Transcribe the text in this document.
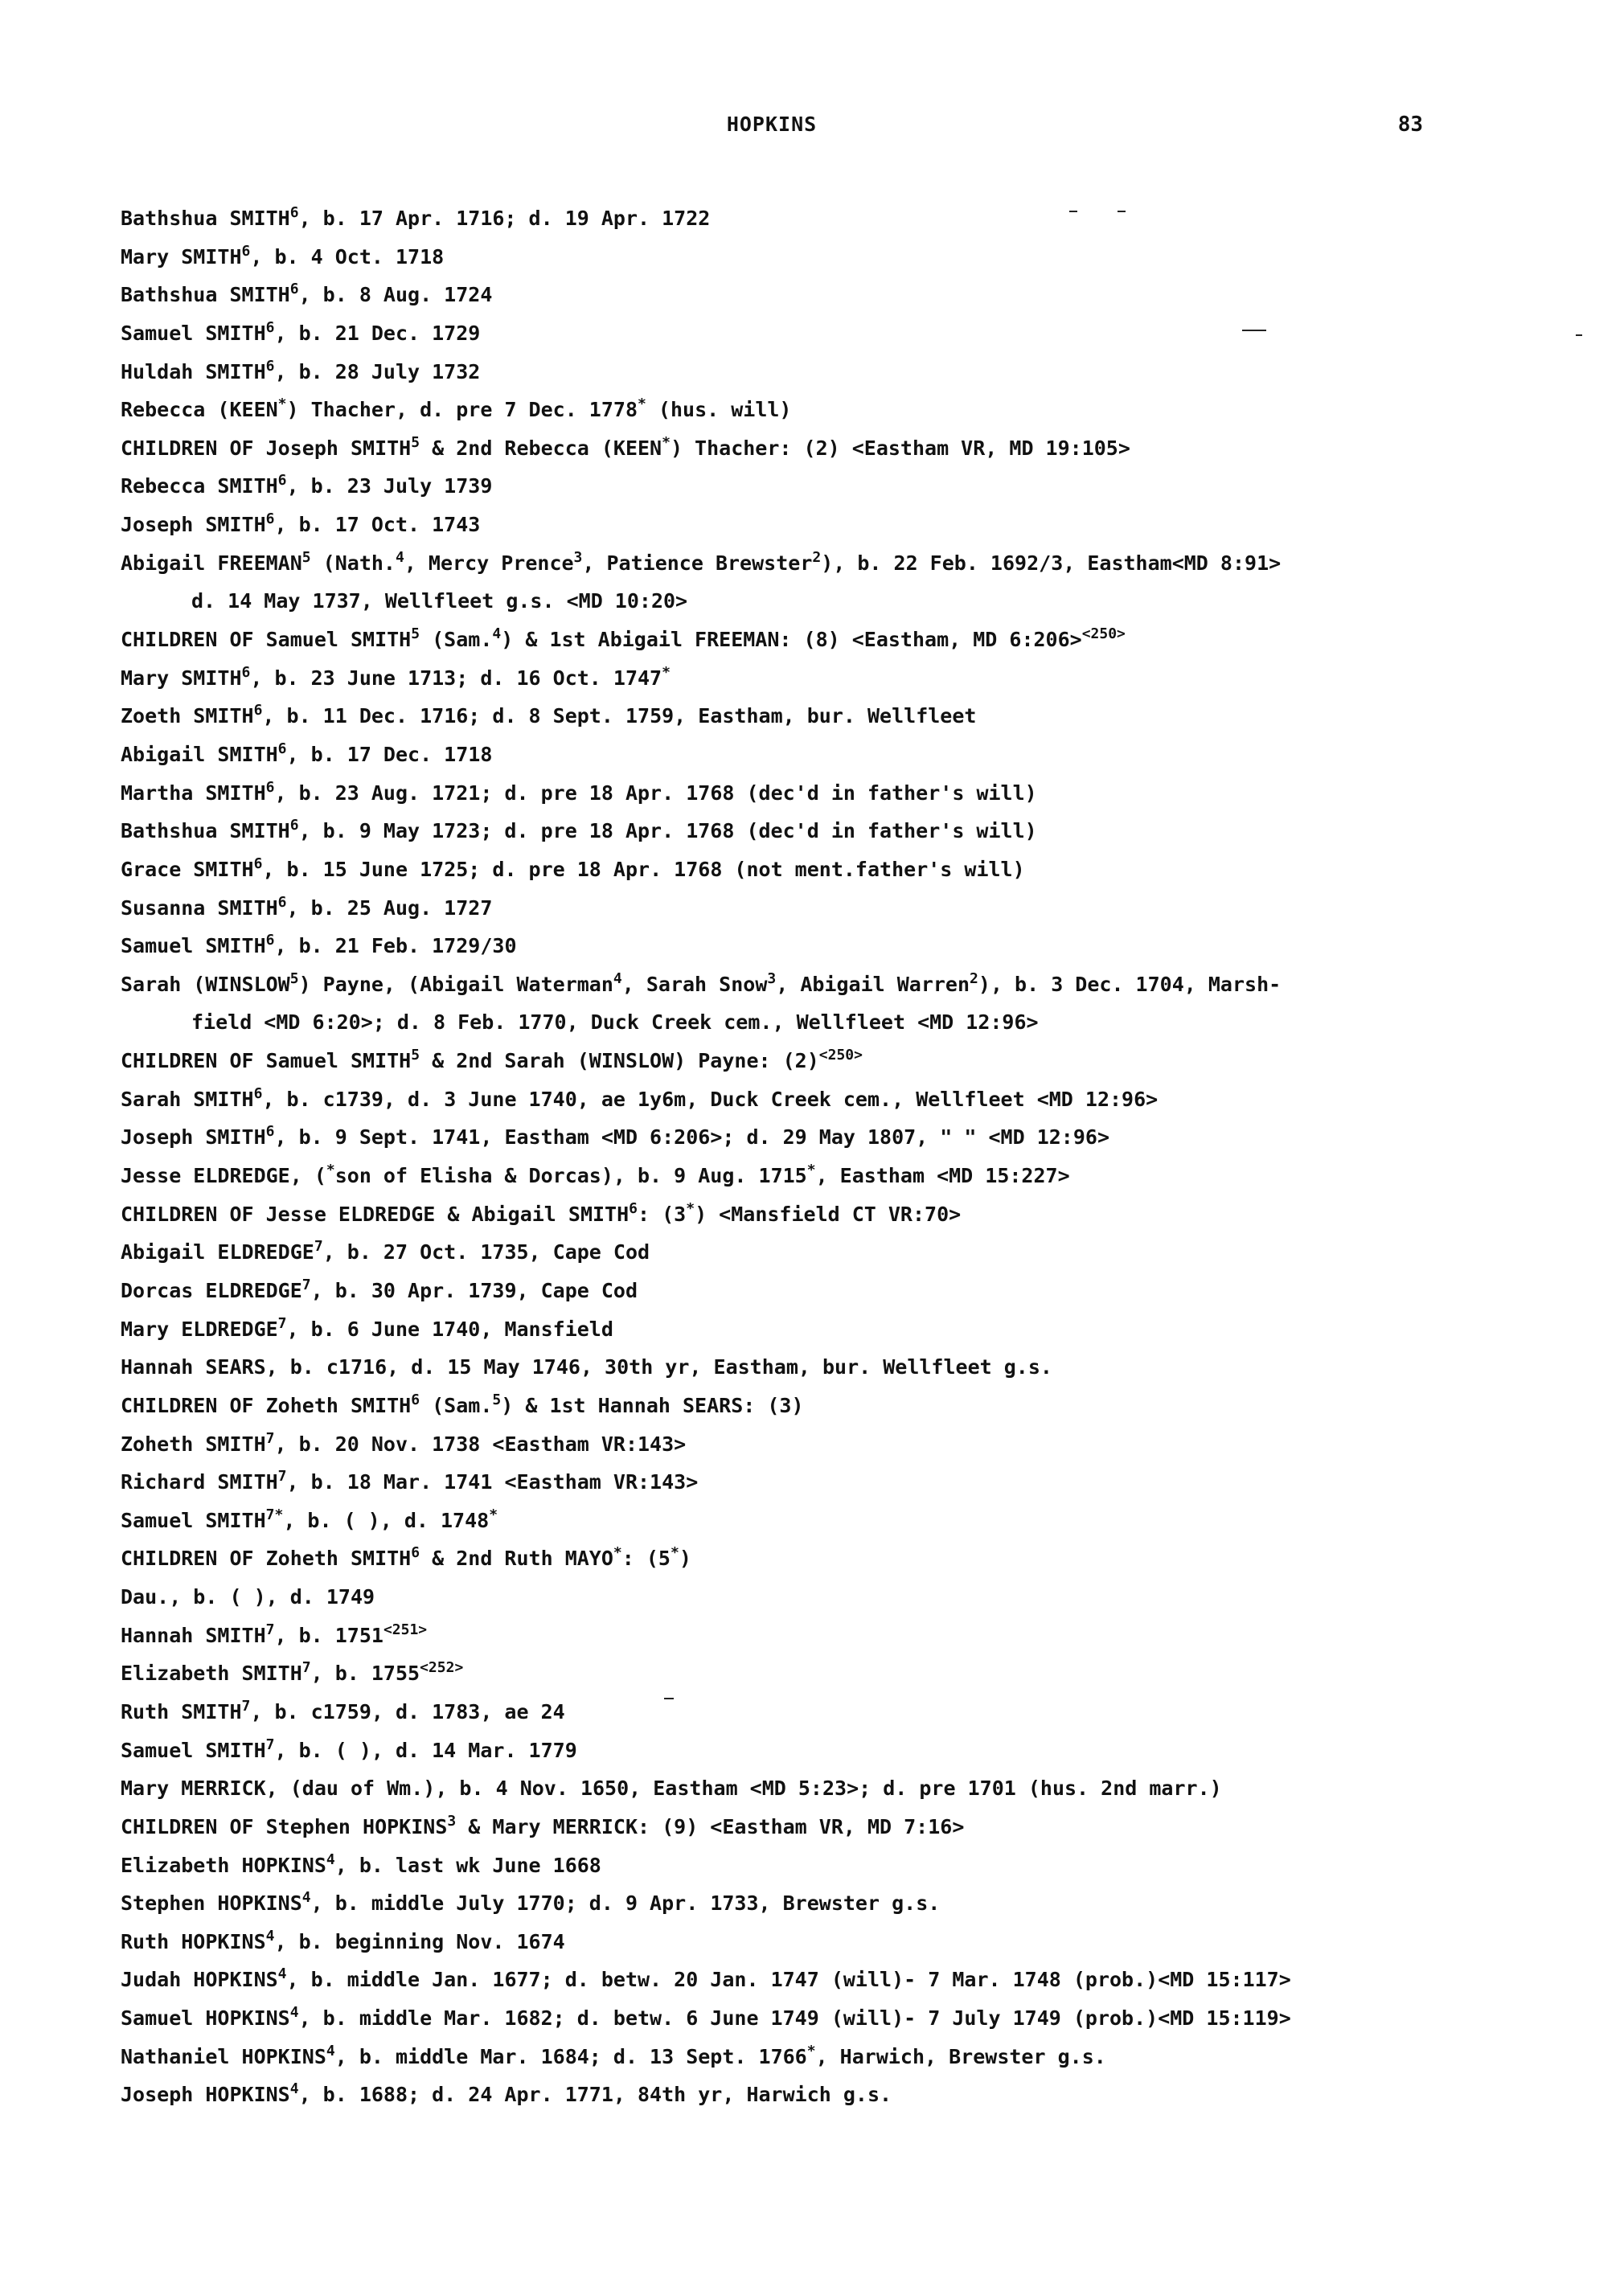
HOPKINS	83
Bathshua SMITH$^6$, b. 17 Apr. 1716; d. 19 Apr. 1722
Mary SMITH$^6$, b. 4 Oct. 1718
Bathshua SMITH$^6$, b. 8 Aug. 1724
Samuel SMITH$^6$, b. 21 Dec. 1729
Huldah SMITH$^6$, b. 28 July 1732
Rebecca (KEEN*) Thacher, d. pre 7 Dec. 1778* (hus. will)
CHILDREN OF Joseph SMITH$^5$ & 2nd Rebecca (KEEN*) Thacher: (2) <Eastham VR, MD 19:105>
Rebecca SMITH$^6$, b. 23 July 1739
Joseph SMITH$^6$, b. 17 Oct. 1743
Abigail FREEMAN$^5$ (Nath.$^4$, Mercy Prence$^3$, Patience Brewster$^2$), b. 22 Feb. 1692/3, Eastham<MD 8:91>
d. 14 May 1737, Wellfleet g.s. <MD 10:20>
CHILDREN OF Samuel SMITH$^5$ (Sam.$^4$) & 1st Abigail FREEMAN: (8) <Eastham, MD 6:206>$^{<250>}$
Mary SMITH$^6$, b. 23 June 1713; d. 16 Oct. 1747*
Zoeth SMITH$^6$, b. 11 Dec. 1716; d. 8 Sept. 1759, Eastham, bur. Wellfleet
Abigail SMITH$^6$, b. 17 Dec. 1718
Martha SMITH$^6$, b. 23 Aug. 1721; d. pre 18 Apr. 1768 (dec'd in father's will)
Bathshua SMITH$^6$, b. 9 May 1723; d. pre 18 Apr. 1768 (dec'd in father's will)
Grace SMITH$^6$, b. 15 June 1725; d. pre 18 Apr. 1768 (not ment.father's will)
Susanna SMITH$^6$, b. 25 Aug. 1727
Samuel SMITH$^6$, b. 21 Feb. 1729/30
Sarah (WINSLOW$^5$) Payne, (Abigail Waterman$^4$, Sarah Snow$^3$, Abigail Warren$^2$), b. 3 Dec. 1704, Marsh-
field <MD 6:20>; d. 8 Feb. 1770, Duck Creek cem., Wellfleet <MD 12:96>
CHILDREN OF Samuel SMITH$^5$ & 2nd Sarah (WINSLOW) Payne: $(2)^{<250>}$
Sarah SMITH$^6$, b. c1739, d. 3 June 1740, ae 1y6m, Duck Creek cem., Wellfleet <MD 12:96>
Joseph SMITH$^6$, b. 9 Sept. 1741, Eastham <MD 6:206>; d. 29 May 1807, " " <MD 12:96>
Jesse ELDREDGE, (*son of Elisha & Dorcas), b. 9 Aug. 1715*, Eastham <MD 15:227>
CHILDREN OF Jesse ELDREDGE & Abigail SMITH$^6$: (3*) <Mansfield CT VR:70>
Abigail ELDREDGE$^7$, b. 27 Oct. 1735, Cape Cod
Dorcas ELDREDGE$^7$, b. 30 Apr. 1739, Cape Cod
Mary ELDREDGE$^7$, b. 6 June 1740, Mansfield
Hannah SEARS, b. c1716, d. 15 May 1746, 30th yr, Eastham, bur. Wellfleet g.s.
CHILDREN OF Zoheth SMITH$^6$ (Sam.$^5$) & 1st Hannah SEARS: (3)
Zoheth SMITH$^7$, b. 20 Nov. 1738 <Eastham VR:143>
Richard SMITH$^7$, b. 18 Mar. 1741 <Eastham VR:143>
Samuel $SMITH^{7*}$, b. ( ), d. 1748*
CHILDREN OF Zoheth SMITH$^6$ & 2nd Ruth MAYO*: (5*)
Dau., b. ( ), d. 1749
Hannah SMITH$^7$, b. $1751^{<251>}$
Elizabeth SMITH$^7$, b. $1755^{<252>}$
Ruth SMITH$^7$, b. c1759, d. 1783, ae 24
Samuel SMITH$^7$, b. ( ), d. 14 Mar. 1779
Mary MERRICK, (dau of Wm.), b. 4 Nov. 1650, Eastham <MD 5:23>; d. pre 1701 (hus. 2nd marr.)
CHILDREN OF Stephen HOPKINS$^3$ & Mary MERRICK: (9) <Eastham VR, MD 7:16>
Elizabeth HOPKINS$^4$, b. last wk June 1668
Stephen HOPKINS$^4$, b. middle July 1770; d. 9 Apr. 1733, Brewster g.s.
Ruth HOPKINS$^4$, b. beginning Nov. 1674
Judah HOPKINS$^4$, b. middle Jan. 1677; d. betw. 20 Jan. 1747 (will)- 7 Mar. 1748 (prob.)<MD 15:117>
Samuel HOPKINS$^4$, b. middle Mar. 1682; d. betw. 6 June 1749 (will)- 7 July 1749 (prob.)<MD 15:119>
Nathaniel HOPKINS$^4$, b. middle Mar. 1684; d. 13 Sept. 1766*, Harwich, Brewster g.s.
Joseph HOPKINS$^4$, b. 1688; d. 24 Apr. 1771, 84th yr, Harwich g.s.
